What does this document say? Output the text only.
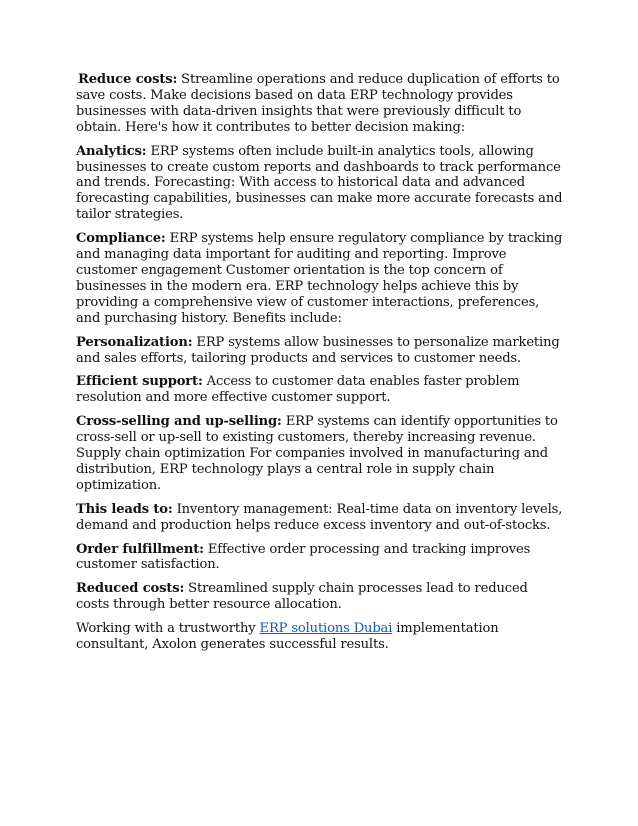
Reduce costs: Streamline operations and reduce duplication of efforts to save costs. Make decisions based on data ERP technology provides businesses with data-driven insights that were previously difficult to obtain. Here's how it contributes to better decision making:

Analytics: ERP systems often include built-in analytics tools, allowing businesses to create custom reports and dashboards to track performance and trends. Forecasting: With access to historical data and advanced forecasting capabilities, businesses can make more accurate forecasts and tailor strategies.

Compliance: ERP systems help ensure regulatory compliance by tracking and managing data important for auditing and reporting. Improve customer engagement Customer orientation is the top concern of businesses in the modern era. ERP technology helps achieve this by providing a comprehensive view of customer interactions, preferences, and purchasing history. Benefits include:

Personalization: ERP systems allow businesses to personalize marketing and sales efforts, tailoring products and services to customer needs.

Efficient support: Access to customer data enables faster problem resolution and more effective customer support.

Cross-selling and up-selling: ERP systems can identify opportunities to cross-sell or up-sell to existing customers, thereby increasing revenue. Supply chain optimization For companies involved in manufacturing and distribution, ERP technology plays a central role in supply chain optimization.

This leads to: Inventory management: Real-time data on inventory levels, demand and production helps reduce excess inventory and out-of-stocks.

Order fulfillment: Effective order processing and tracking improves customer satisfaction.

Reduced costs: Streamlined supply chain processes lead to reduced costs through better resource allocation.

Working with a trustworthy ERP solutions Dubai implementation consultant, Axolon generates successful results.
